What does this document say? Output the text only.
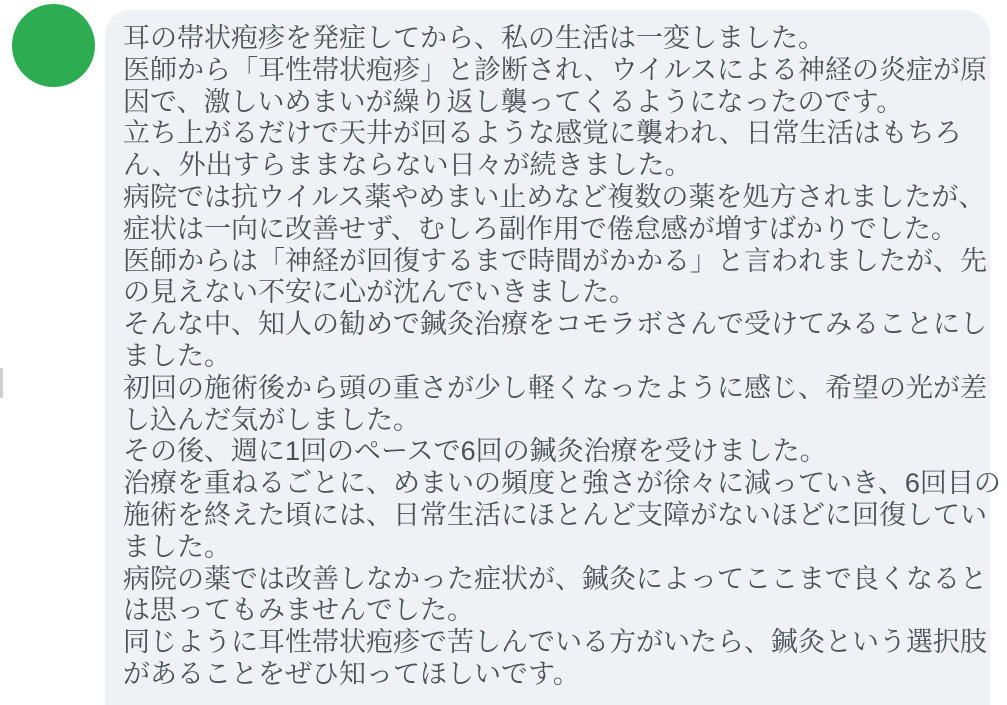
耳の帯状疱疹を発症してから、私の生活は一変しました。
医師から「耳性帯状疱疹」と診断され、ウイルスによる神経の炎症が原
因で、激しいめまいが繰り返し襲ってくるようになったのです。
立ち上がるだけで天井が回るような感覚に襲われ、日常生活はもちろ
ん、外出すらままならない日々が続きました。
病院では抗ウイルス薬やめまい止めなど複数の薬を処方されましたが、
症状は一向に改善せず、むしろ副作用で倦怠感が増すばかりでした。
医師からは「神経が回復するまで時間がかかる」と言われましたが、先
の見えない不安に心が沈んでいきました。
そんな中、知人の勧めで鍼灸治療をコモラボさんで受けてみることにし
ました。
初回の施術後から頭の重さが少し軽くなったように感じ、希望の光が差
し込んだ気がしました。
その後、週に1回のペースで6回の鍼灸治療を受けました。
治療を重ねるごとに、めまいの頻度と強さが徐々に減っていき、6回目の
施術を終えた頃には、日常生活にほとんど支障がないほどに回復してい
ました。
病院の薬では改善しなかった症状が、鍼灸によってここまで良くなると
は思ってもみませんでした。
同じように耳性帯状疱疹で苦しんでいる方がいたら、鍼灸という選択肢
があることをぜひ知ってほしいです。
